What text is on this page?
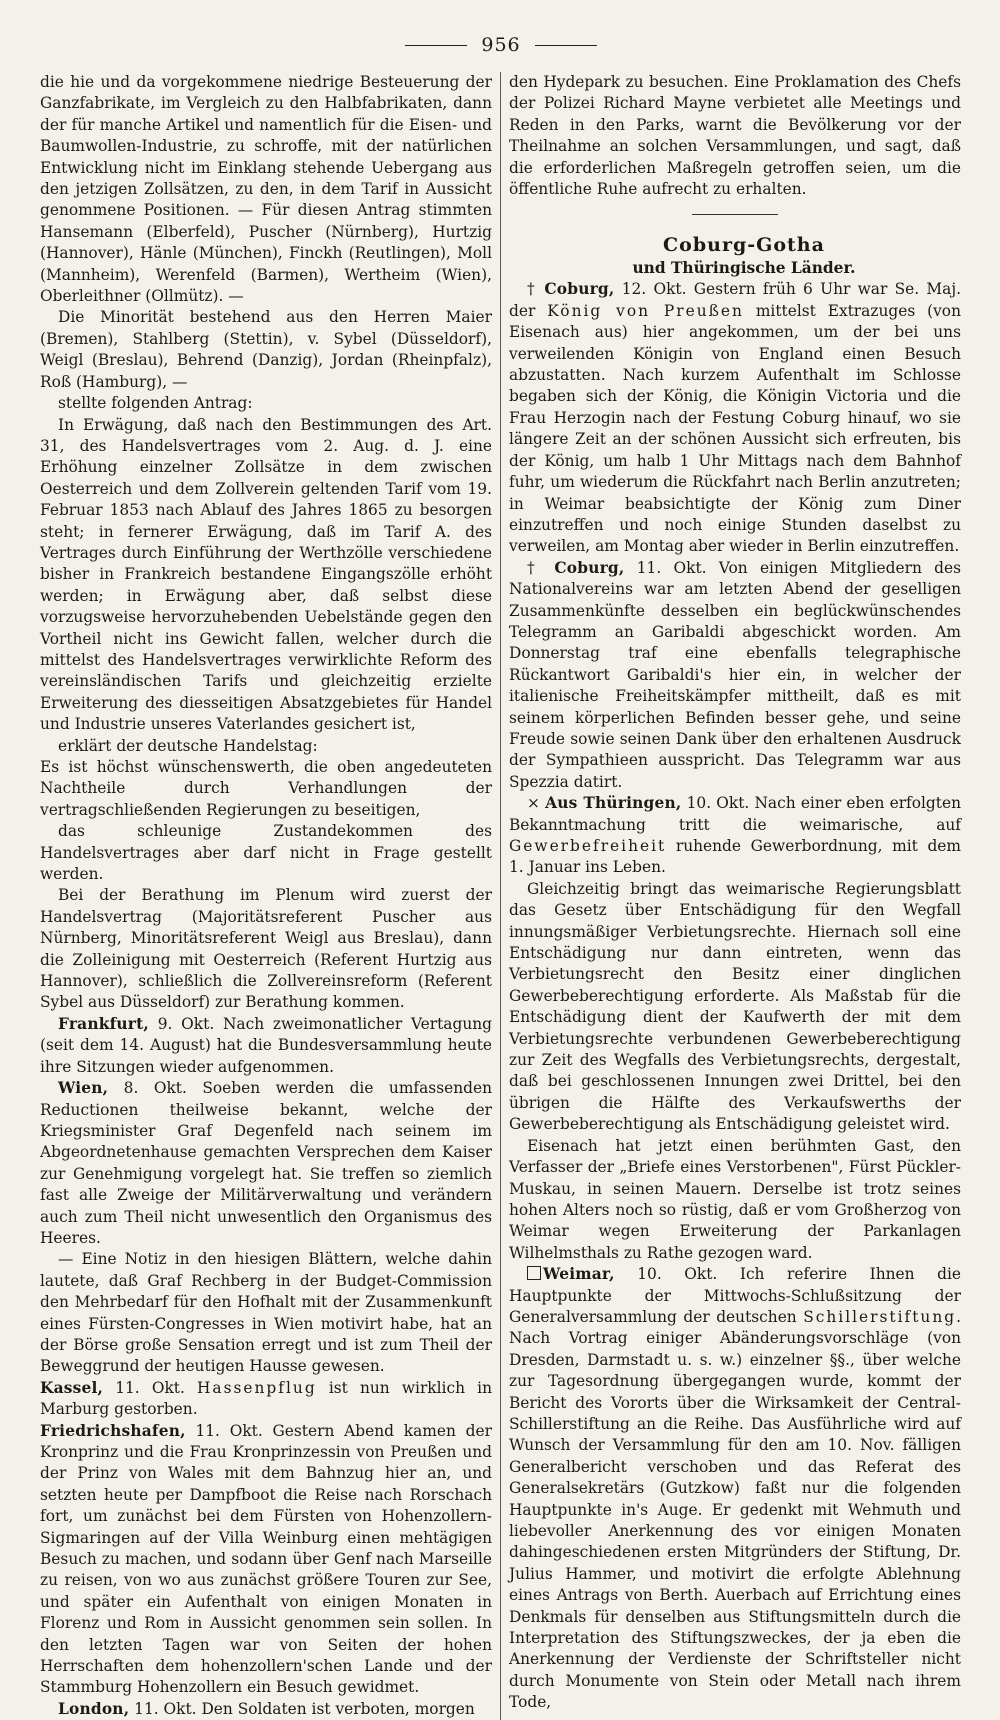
956

die hie und da vorgekommene niedrige Besteuerung der Ganzfabrikate, im Vergleich zu den Halbfabrikaten, dann der für manche Artikel und namentlich für die Eisen- und Baumwollen-Industrie, zu schroffe, mit der natürlichen Entwicklung nicht im Einklang stehende Uebergang aus den jetzigen Zollsätzen, zu den, in dem Tarif in Aussicht genommene Positionen. — Für diesen Antrag stimmten Hansemann (Elberfeld), Puscher (Nürnberg), Hurtzig (Hannover), Hänle (München), Finckh (Reutlingen), Moll (Mannheim), Werenfeld (Barmen), Wertheim (Wien), Oberleithner (Ollmütz). —

Die Minorität bestehend aus den Herren Maier (Bremen), Stahlberg (Stettin), v. Sybel (Düsseldorf), Weigl (Breslau), Behrend (Danzig), Jordan (Rheinpfalz), Roß (Hamburg), —

stellte folgenden Antrag:

In Erwägung, daß nach den Bestimmungen des Art. 31, des Handelsvertrages vom 2. Aug. d. J. eine Erhöhung einzelner Zollsätze in dem zwischen Oesterreich und dem Zollverein geltenden Tarif vom 19. Februar 1853 nach Ablauf des Jahres 1865 zu besorgen steht; in fernerer Erwägung, daß im Tarif A. des Vertrages durch Einführung der Werthzölle verschiedene bisher in Frankreich bestandene Eingangszölle erhöht werden; in Erwägung aber, daß selbst diese vorzugsweise hervorzuhebenden Uebelstände gegen den Vortheil nicht ins Gewicht fallen, welcher durch die mittelst des Handelsvertrages verwirklichte Reform des vereinsländischen Tarifs und gleichzeitig erzielte Erweiterung des diesseitigen Absatzgebietes für Handel und Industrie unseres Vaterlandes gesichert ist,

erklärt der deutsche Handelstag:

Es ist höchst wünschenswerth, die oben angedeuteten Nachtheile durch Verhandlungen der vertragschließenden Regierungen zu beseitigen,

das schleunige Zustandekommen des Handelsvertrages aber darf nicht in Frage gestellt werden.

Bei der Berathung im Plenum wird zuerst der Handelsvertrag (Majoritätsreferent Puscher aus Nürnberg, Minoritätsreferent Weigl aus Breslau), dann die Zolleinigung mit Oesterreich (Referent Hurtzig aus Hannover), schließlich die Zollvereinsreform (Referent Sybel aus Düsseldorf) zur Berathung kommen.

Frankfurt, 9. Okt. Nach zweimonatlicher Vertagung (seit dem 14. August) hat die Bundesversammlung heute ihre Sitzungen wieder aufgenommen.

Wien, 8. Okt. Soeben werden die umfassenden Reductionen theilweise bekannt, welche der Kriegsminister Graf Degenfeld nach seinem im Abgeordnetenhause gemachten Versprechen dem Kaiser zur Genehmigung vorgelegt hat. Sie treffen so ziemlich fast alle Zweige der Militärverwaltung und verändern auch zum Theil nicht unwesentlich den Organismus des Heeres.

— Eine Notiz in den hiesigen Blättern, welche dahin lautete, daß Graf Rechberg in der Budget-Commission den Mehrbedarf für den Hofhalt mit der Zusammenkunft eines Fürsten-Congresses in Wien motivirt habe, hat an der Börse große Sensation erregt und ist zum Theil der Beweggrund der heutigen Hausse gewesen.

Kassel, 11. Okt. Hassenpflug ist nun wirklich in Marburg gestorben.

Friedrichshafen, 11. Okt. Gestern Abend kamen der Kronprinz und die Frau Kronprinzessin von Preußen und der Prinz von Wales mit dem Bahnzug hier an, und setzten heute per Dampfboot die Reise nach Rorschach fort, um zunächst bei dem Fürsten von Hohenzollern-Sigmaringen auf der Villa Weinburg einen mehtägigen Besuch zu machen, und sodann über Genf nach Marseille zu reisen, von wo aus zunächst größere Touren zur See, und später ein Aufenthalt von einigen Monaten in Florenz und Rom in Aussicht genommen sein sollen. In den letzten Tagen war von Seiten der hohen Herrschaften dem hohenzollern'schen Lande und der Stammburg Hohenzollern ein Besuch gewidmet.

London, 11. Okt. Den Soldaten ist verboten, morgen

den Hydepark zu besuchen. Eine Proklamation des Chefs der Polizei Richard Mayne verbietet alle Meetings und Reden in den Parks, warnt die Bevölkerung vor der Theilnahme an solchen Versammlungen, und sagt, daß die erforderlichen Maßregeln getroffen seien, um die öffentliche Ruhe aufrecht zu erhalten.

Coburg-Gotha

und Thüringische Länder.

† Coburg, 12. Okt. Gestern früh 6 Uhr war Se. Maj. der König von Preußen mittelst Extrazuges (von Eisenach aus) hier angekommen, um der bei uns verweilenden Königin von England einen Besuch abzustatten. Nach kurzem Aufenthalt im Schlosse begaben sich der König, die Königin Victoria und die Frau Herzogin nach der Festung Coburg hinauf, wo sie längere Zeit an der schönen Aussicht sich erfreuten, bis der König, um halb 1 Uhr Mittags nach dem Bahnhof fuhr, um wiederum die Rückfahrt nach Berlin anzutreten; in Weimar beabsichtigte der König zum Diner einzutreffen und noch einige Stunden daselbst zu verweilen, am Montag aber wieder in Berlin einzutreffen.

† Coburg, 11. Okt. Von einigen Mitgliedern des Nationalvereins war am letzten Abend der geselligen Zusammenkünfte desselben ein beglückwünschendes Telegramm an Garibaldi abgeschickt worden. Am Donnerstag traf eine ebenfalls telegraphische Rückantwort Garibaldi's hier ein, in welcher der italienische Freiheitskämpfer mittheilt, daß es mit seinem körperlichen Befinden besser gehe, und seine Freude sowie seinen Dank über den erhaltenen Ausdruck der Sympathieen ausspricht. Das Telegramm war aus Spezzia datirt.

⨯ Aus Thüringen, 10. Okt. Nach einer eben erfolgten Bekanntmachung tritt die weimarische, auf Gewerbefreiheit ruhende Gewerbordnung, mit dem 1. Januar ins Leben.

Gleichzeitig bringt das weimarische Regierungsblatt das Gesetz über Entschädigung für den Wegfall innungsmäßiger Verbietungsrechte. Hiernach soll eine Entschädigung nur dann eintreten, wenn das Verbietungsrecht den Besitz einer dinglichen Gewerbeberechtigung erforderte. Als Maßstab für die Entschädigung dient der Kaufwerth der mit dem Verbietungsrechte verbundenen Gewerbeberechtigung zur Zeit des Wegfalls des Verbietungsrechts, dergestalt, daß bei geschlossenen Innungen zwei Drittel, bei den übrigen die Hälfte des Verkaufswerths der Gewerbeberechtigung als Entschädigung geleistet wird.

Eisenach hat jetzt einen berühmten Gast, den Verfasser der „Briefe eines Verstorbenen", Fürst Pückler-Muskau, in seinen Mauern. Derselbe ist trotz seines hohen Alters noch so rüstig, daß er vom Großherzog von Weimar wegen Erweiterung der Parkanlagen Wilhelmsthals zu Rathe gezogen ward.

Weimar, 10. Okt. Ich referire Ihnen die Hauptpunkte der Mittwochs-Schlußsitzung der Generalversammlung der deutschen Schillerstiftung. Nach Vortrag einiger Abänderungsvorschläge (von Dresden, Darmstadt u. s. w.) einzelner §§., über welche zur Tagesordnung übergegangen wurde, kommt der Bericht des Vororts über die Wirksamkeit der Central-Schillerstiftung an die Reihe. Das Ausführliche wird auf Wunsch der Versammlung für den am 10. Nov. fälligen Generalbericht verschoben und das Referat des Generalsekretärs (Gutzkow) faßt nur die folgenden Hauptpunkte in's Auge. Er gedenkt mit Wehmuth und liebevoller Anerkennung des vor einigen Monaten dahingeschiedenen ersten Mitgründers der Stiftung, Dr. Julius Hammer, und motivirt die erfolgte Ablehnung eines Antrags von Berth. Auerbach auf Errichtung eines Denkmals für denselben aus Stiftungsmitteln durch die Interpretation des Stiftungszweckes, der ja eben die Anerkennung der Verdienste der Schriftsteller nicht durch Monumente von Stein oder Metall nach ihrem Tode,
